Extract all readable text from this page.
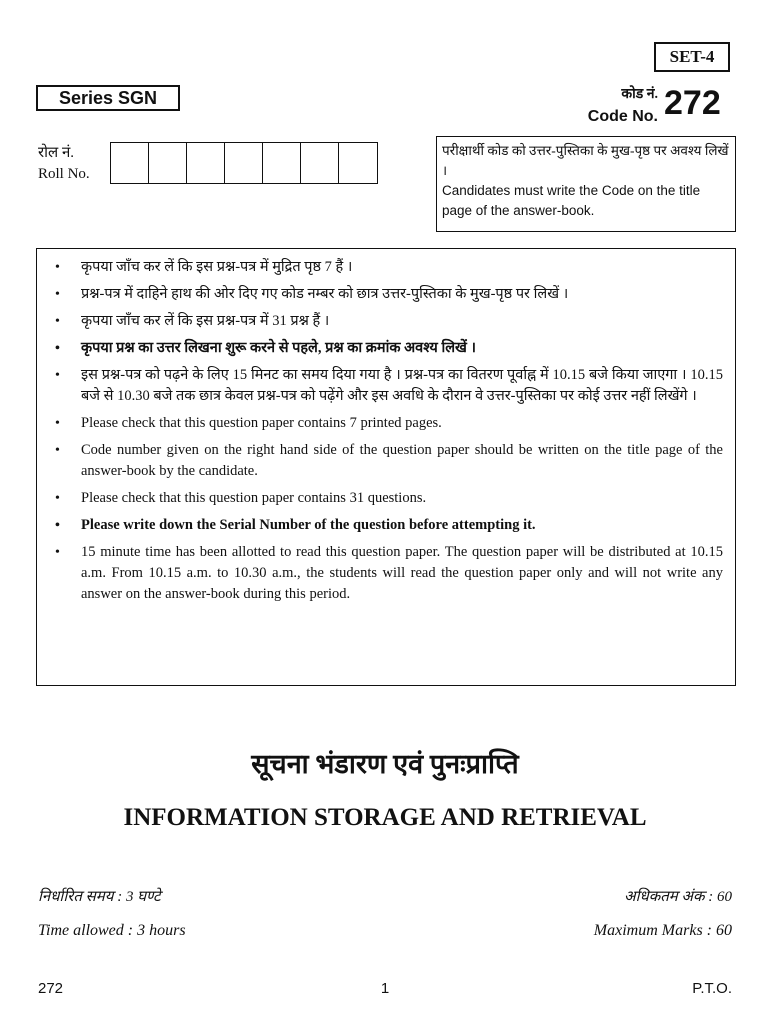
SET-4
Series SGN	कोड नं.
Code No. 272
रोल नं.
Roll No.
परीक्षार्थी कोड को उत्तर-पुस्तिका के मुख-पृष्ठ पर अवश्य लिखें ।
Candidates must write the Code on the title page of the answer-book.
• कृपया जाँच कर लें कि इस प्रश्न-पत्र में मुद्रित पृष्ठ 7 हैं ।
• प्रश्न-पत्र में दाहिने हाथ की ओर दिए गए कोड नम्बर को छात्र उत्तर-पुस्तिका के मुख-पृष्ठ पर लिखें ।
• कृपया जाँच कर लें कि इस प्रश्न-पत्र में 31 प्रश्न हैं ।
• कृपया प्रश्न का उत्तर लिखना शुरू करने से पहले, प्रश्न का क्रमांक अवश्य लिखें ।
• इस प्रश्न-पत्र को पढ़ने के लिए 15 मिनट का समय दिया गया है । प्रश्न-पत्र का वितरण पूर्वाह्न में 10.15 बजे किया जाएगा । 10.15 बजे से 10.30 बजे तक छात्र केवल प्रश्न-पत्र को पढ़ेंगे और इस अवधि के दौरान वे उत्तर-पुस्तिका पर कोई उत्तर नहीं लिखेंगे ।
• Please check that this question paper contains 7 printed pages.
• Code number given on the right hand side of the question paper should be written on the title page of the answer-book by the candidate.
• Please check that this question paper contains 31 questions.
• Please write down the Serial Number of the question before attempting it.
• 15 minute time has been allotted to read this question paper. The question paper will be distributed at 10.15 a.m. From 10.15 a.m. to 10.30 a.m., the students will read the question paper only and will not write any answer on the answer-book during this period.
सूचना भंडारण एवं पुनःप्राप्ति
INFORMATION STORAGE AND RETRIEVAL
निर्धारित समय : 3 घण्टे	अधिकतम अंक : 60
Time allowed : 3 hours	Maximum Marks : 60
272	1	P.T.O.
